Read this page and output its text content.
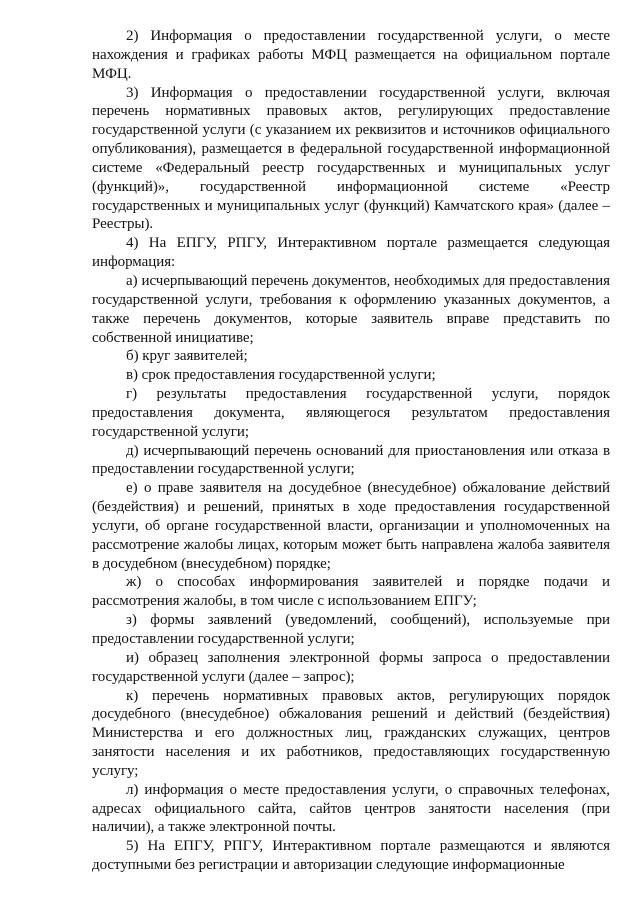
2) Информация о предоставлении государственной услуги, о месте нахождения и графиках работы МФЦ размещается на официальном портале МФЦ.

3) Информация о предоставлении государственной услуги, включая перечень нормативных правовых актов, регулирующих предоставление государственной услуги (с указанием их реквизитов и источников официального опубликования), размещается в федеральной государственной информационной системе «Федеральный реестр государственных и муниципальных услуг (функций)», государственной информационной системе «Реестр государственных и муниципальных услуг (функций) Камчатского края» (далее – Реестры).

4) На ЕПГУ, РПГУ, Интерактивном портале размещается следующая информация:

а) исчерпывающий перечень документов, необходимых для предоставления государственной услуги, требования к оформлению указанных документов, а также перечень документов, которые заявитель вправе представить по собственной инициативе;

б) круг заявителей;

в) срок предоставления государственной услуги;

г) результаты предоставления государственной услуги, порядок предоставления документа, являющегося результатом предоставления государственной услуги;

д) исчерпывающий перечень оснований для приостановления или отказа в предоставлении государственной услуги;

е) о праве заявителя на досудебное (внесудебное) обжалование действий (бездействия) и решений, принятых в ходе предоставления государственной услуги, об органе государственной власти, организации и уполномоченных на рассмотрение жалобы лицах, которым может быть направлена жалоба заявителя в досудебном (внесудебном) порядке;

ж) о способах информирования заявителей и порядке подачи и рассмотрения жалобы, в том числе с использованием ЕПГУ;

з) формы заявлений (уведомлений, сообщений), используемые при предоставлении государственной услуги;

и) образец заполнения электронной формы запроса о предоставлении государственной услуги (далее – запрос);

к) перечень нормативных правовых актов, регулирующих порядок досудебного (внесудебное) обжалования решений и действий (бездействия) Министерства и его должностных лиц, гражданских служащих, центров занятости населения и их работников, предоставляющих государственную услугу;

л) информация о месте предоставления услуги, о справочных телефонах, адресах официального сайта, сайтов центров занятости населения (при наличии), а также электронной почты.

5) На ЕПГУ, РПГУ, Интерактивном портале размещаются и являются доступными без регистрации и авторизации следующие информационные
